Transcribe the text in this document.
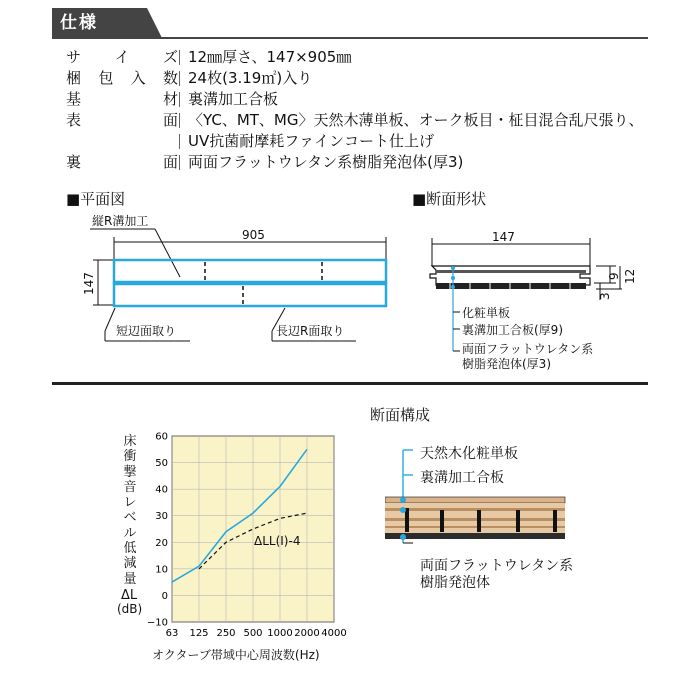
仕様
サ イ ズ 12㎜厚さ、147×905㎜
梱 包 入 数 24枚(3.19㎡)入り
基	材 裏溝加工合板
表	面 〈YC、MT、MG〉天然木薄単板、オーク板目・柾目混合乱尺張り、
UV抗菌耐摩耗ファインコート仕上げ
裏	面 両面フラットウレタン系樹脂発泡体(厚3)
■平面図
縦R溝加工
905
147
短辺面取り	長辺R面取り
■断面形状
147
9
3
12
化粧単板
裏溝加工合板(厚9)
両面フラットウレタン系
樹脂発泡体(厚3)
床
衝
撃
音
レ
ベ
ル
低
減
量
ΔL
(dB)
60
50
40
30
20
10
0
−10
63 125 250 500 1000 2000 4000
ΔLL(Ⅰ)-4
オクターブ帯域中心周波数(Hz)
断面構成
天然木化粧単板
裏溝加工合板
両面フラットウレタン系
樹脂発泡体
